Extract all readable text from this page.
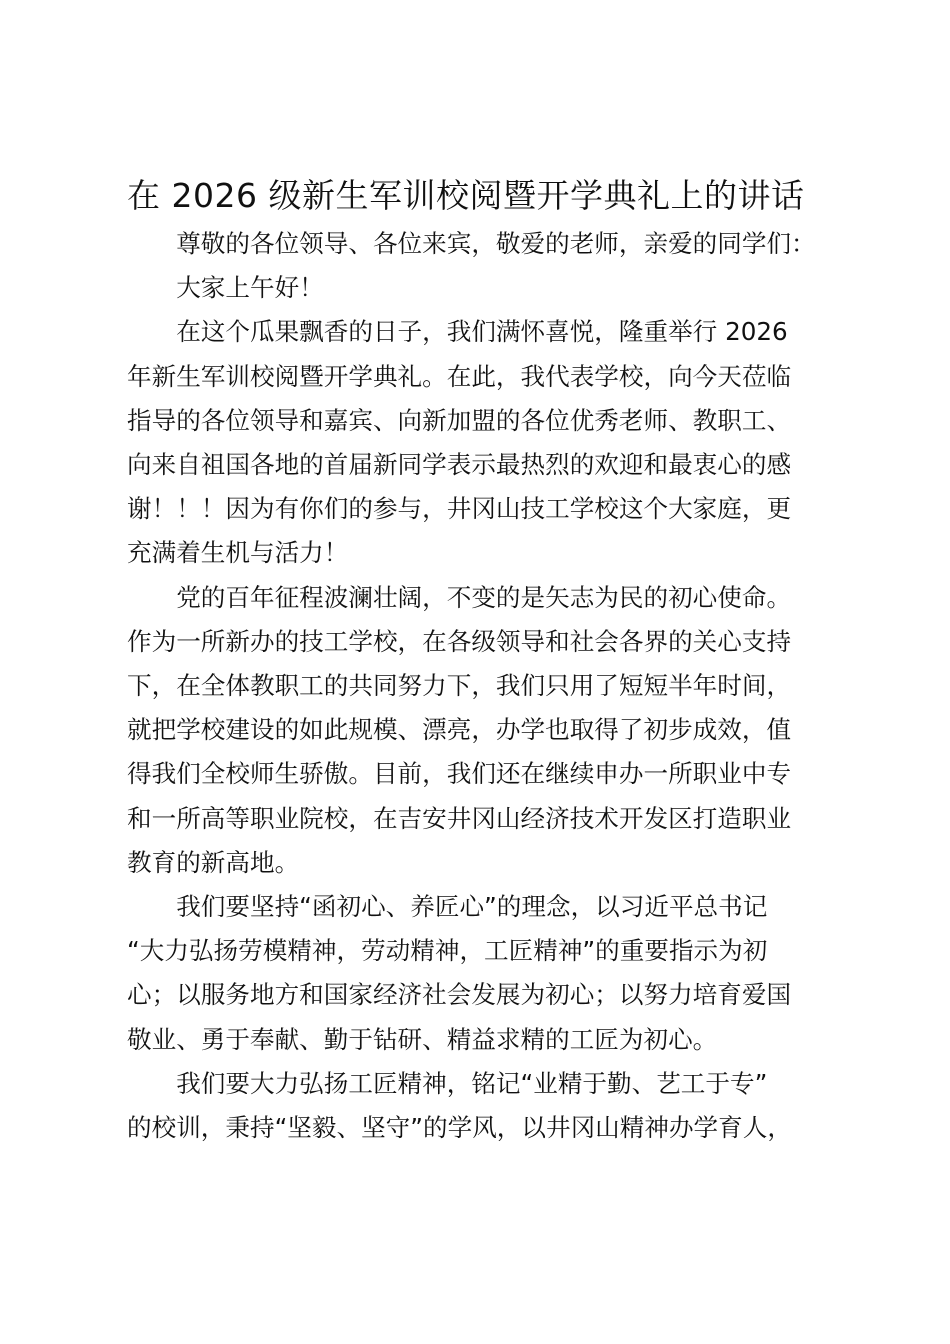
在 2026 级新生军训校阅暨开学典礼上的讲话

尊敬的各位领导、各位来宾，敬爱的老师，亲爱的同学们：

大家上午好！

在这个瓜果飘香的日子，我们满怀喜悦，隆重举行 2026
年新生军训校阅暨开学典礼。在此，我代表学校，向今天莅临
指导的各位领导和嘉宾、向新加盟的各位优秀老师、教职工、
向来自祖国各地的首届新同学表示最热烈的欢迎和最衷心的感
谢！！！因为有你们的参与，井冈山技工学校这个大家庭，更
充满着生机与活力！

党的百年征程波澜壮阔，不变的是矢志为民的初心使命。
作为一所新办的技工学校，在各级领导和社会各界的关心支持
下，在全体教职工的共同努力下，我们只用了短短半年时间，
就把学校建设的如此规模、漂亮，办学也取得了初步成效，值
得我们全校师生骄傲。目前，我们还在继续申办一所职业中专
和一所高等职业院校，在吉安井冈山经济技术开发区打造职业
教育的新高地。

我们要坚持“函初心、养匠心”的理念，以习近平总书记
“大力弘扬劳模精神，劳动精神，工匠精神”的重要指示为初
心；以服务地方和国家经济社会发展为初心；以努力培育爱国
敬业、勇于奉献、勤于钻研、精益求精的工匠为初心。

我们要大力弘扬工匠精神，铭记“业精于勤、艺工于专”
的校训，秉持“坚毅、坚守”的学风，以井冈山精神办学育人，
